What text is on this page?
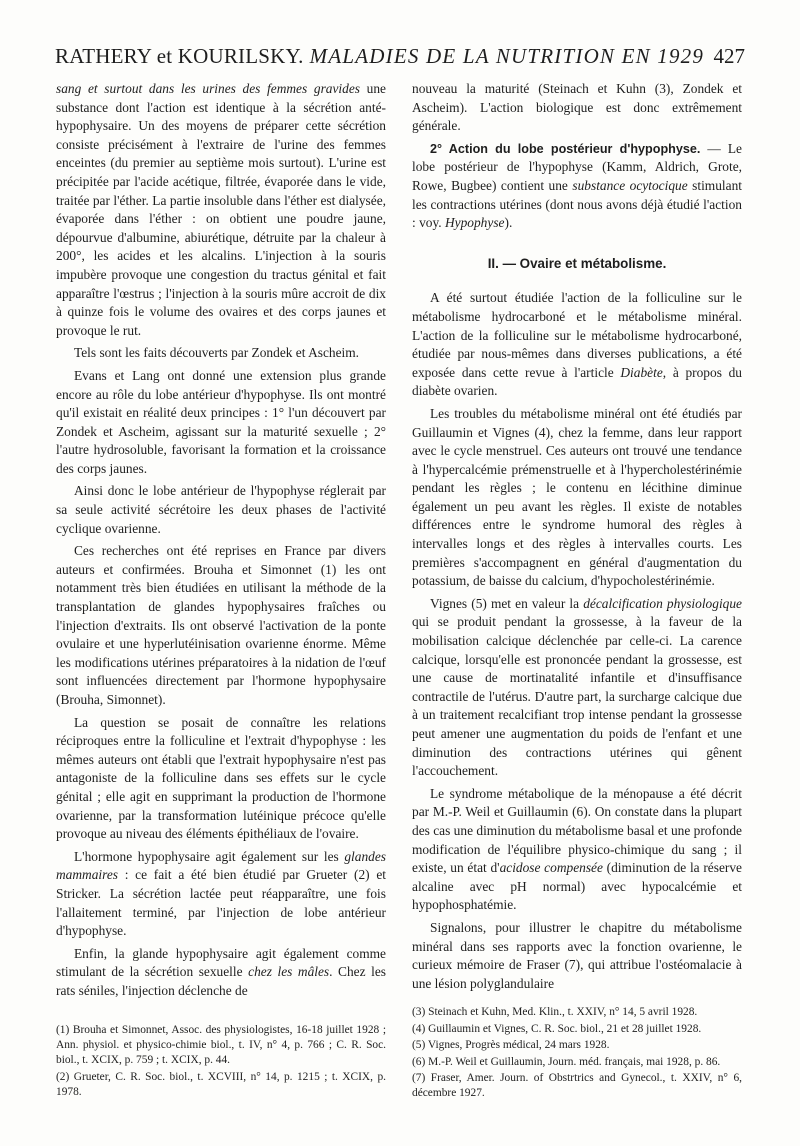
RATHERY et KOURILSKY. MALADIES DE LA NUTRITION EN 1929 427

sang et surtout dans les urines des femmes gravides une substance dont l'action est identique à la sécrétion anté-hypophysaire. Un des moyens de préparer cette sécrétion consiste précisément à l'extraire de l'urine des femmes enceintes (du premier au septième mois surtout). L'urine est précipitée par l'acide acétique, filtrée, évaporée dans le vide, traitée par l'éther. La partie insoluble dans l'éther est dialysée, évaporée dans l'éther : on obtient une poudre jaune, dépourvue d'albumine, abiurétique, détruite par la chaleur à 200°, les acides et les alcalins. L'injection à la souris impubère provoque une congestion du tractus génital et fait apparaître l'œstrus ; l'injection à la souris mûre accroit de dix à quinze fois le volume des ovaires et des corps jaunes et provoque le rut.

Tels sont les faits découverts par Zondek et Ascheim.

Evans et Lang ont donné une extension plus grande encore au rôle du lobe antérieur d'hypophyse. Ils ont montré qu'il existait en réalité deux principes : 1° l'un découvert par Zondek et Ascheim, agissant sur la maturité sexuelle ; 2° l'autre hydrosoluble, favorisant la formation et la croissance des corps jaunes.

Ainsi donc le lobe antérieur de l'hypophyse réglerait par sa seule activité sécrétoire les deux phases de l'activité cyclique ovarienne.

Ces recherches ont été reprises en France par divers auteurs et confirmées. Brouha et Simonnet (1) les ont notamment très bien étudiées en utilisant la méthode de la transplantation de glandes hypophysaires fraîches ou l'injection d'extraits. Ils ont observé l'activation de la ponte ovulaire et une hyperlutéinisation ovarienne énorme. Même les modifications utérines préparatoires à la nidation de l'œuf sont influencées directement par l'hormone hypophysaire (Brouha, Simonnet).

La question se posait de connaître les relations réciproques entre la folliculine et l'extrait d'hypophyse : les mêmes auteurs ont établi que l'extrait hypophysaire n'est pas antagoniste de la folliculine dans ses effets sur le cycle génital ; elle agit en supprimant la production de l'hormone ovarienne, par la transformation lutéinique précoce qu'elle provoque au niveau des éléments épithéliaux de l'ovaire.

L'hormone hypophysaire agit également sur les glandes mammaires : ce fait a été bien étudié par Grueter (2) et Stricker. La sécrétion lactée peut réapparaître, une fois l'allaitement terminé, par l'injection de lobe antérieur d'hypophyse.

Enfin, la glande hypophysaire agit également comme stimulant de la sécrétion sexuelle chez les mâles. Chez les rats séniles, l'injection déclenche de

(1) Brouha et Simonnet, Assoc. des physiologistes, 16-18 juillet 1928 ; Ann. physiol. et physico-chimie biol., t. IV, n° 4, p. 766 ; C. R. Soc. biol., t. XCIX, p. 759 ; t. XCIX, p. 44.

(2) Grueter, C. R. Soc. biol., t. XCVIII, n° 14, p. 1215 ; t. XCIX, p. 1978.

nouveau la maturité (Steinach et Kuhn (3), Zondek et Ascheim). L'action biologique est donc extrêmement générale.

2° Action du lobe postérieur d'hypophyse. — Le lobe postérieur de l'hypophyse (Kamm, Aldrich, Grote, Rowe, Bugbee) contient une substance ocytocique stimulant les contractions utérines (dont nous avons déjà étudié l'action : voy. Hypophyse).

II. — Ovaire et métabolisme.

A été surtout étudiée l'action de la folliculine sur le métabolisme hydrocarboné et le métabolisme minéral. L'action de la folliculine sur le métabolisme hydrocarboné, étudiée par nous-mêmes dans diverses publications, a été exposée dans cette revue à l'article Diabète, à propos du diabète ovarien.

Les troubles du métabolisme minéral ont été étudiés par Guillaumin et Vignes (4), chez la femme, dans leur rapport avec le cycle menstruel. Ces auteurs ont trouvé une tendance à l'hypercalcémie prémenstruelle et à l'hypercholestérinémie pendant les règles ; le contenu en lécithine diminue également un peu avant les règles. Il existe de notables différences entre le syndrome humoral des règles à intervalles longs et des règles à intervalles courts. Les premières s'accompagnent en général d'augmentation du potassium, de baisse du calcium, d'hypocholestérinémie.

Vignes (5) met en valeur la décalcification physiologique qui se produit pendant la grossesse, à la faveur de la mobilisation calcique déclenchée par celle-ci. La carence calcique, lorsqu'elle est prononcée pendant la grossesse, est une cause de mortinatalité infantile et d'insuffisance contractile de l'utérus. D'autre part, la surcharge calcique due à un traitement recalcifiant trop intense pendant la grossesse peut amener une augmentation du poids de l'enfant et une diminution des contractions utérines qui gênent l'accouchement.

Le syndrome métabolique de la ménopause a été décrit par M.-P. Weil et Guillaumin (6). On constate dans la plupart des cas une diminution du métabolisme basal et une profonde modification de l'équilibre physico-chimique du sang ; il existe, un état d'acidose compensée (diminution de la réserve alcaline avec pH normal) avec hypocalcémie et hypophosphatémie.

Signalons, pour illustrer le chapitre du métabolisme minéral dans ses rapports avec la fonction ovarienne, le curieux mémoire de Fraser (7), qui attribue l'ostéomalacie à une lésion polyglandulaire

(3) Steinach et Kuhn, Med. Klin., t. XXIV, n° 14, 5 avril 1928.

(4) Guillaumin et Vignes, C. R. Soc. biol., 21 et 28 juillet 1928.

(5) Vignes, Progrès médical, 24 mars 1928.

(6) M.-P. Weil et Guillaumin, Journ. méd. français, mai 1928, p. 86.

(7) Fraser, Amer. Journ. of Obstrtrics and Gynecol., t. XXIV, n° 6, décembre 1927.
